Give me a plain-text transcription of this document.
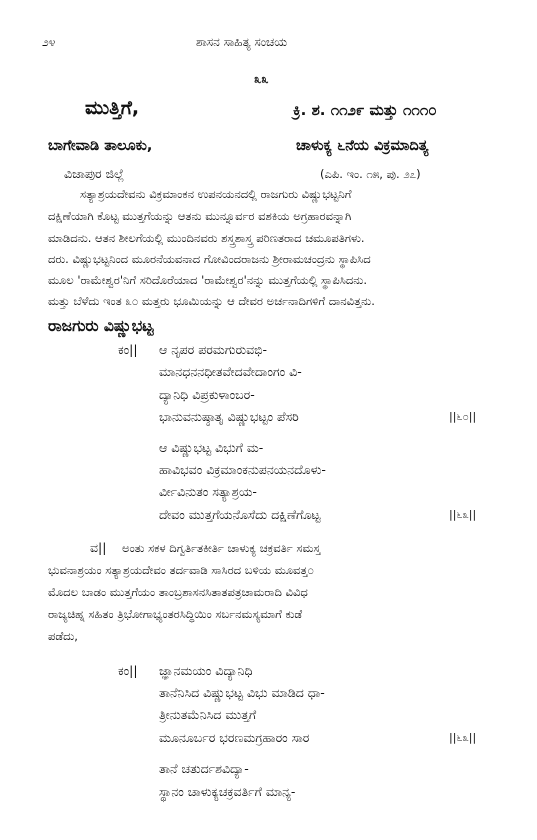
೨೪	ಶಾಸನ ಸಾಹಿತ್ಯ ಸಂಚಯ
೩೩
ಮುತ್ತಿಗೆ,	ಕ್ರಿ. ಶ. ೧೧೨೯ ಮತ್ತು ೧೧೧೦
ಬಾಗೇವಾಡಿ ತಾಲೂಕು,	ಚಾಳುಕ್ಯ ೬ನೆಯ ವಿಕ್ರಮಾದಿತ್ಯ
ವಿಜಾಪುರ ಜಿಲ್ಲೆ	(ಎಪಿ. ಇಂ. ೧೫, ಪು. ೨೭)
ಸತ್ಯಾಶ್ರಯದೇವನು ವಿಕ್ರಮಾಂಕನ ಉಪನಯನದಲ್ಲಿ ರಾಜಗುರು ವಿಷ್ಣುಭಟ್ಟನಿಗೆ
ದಕ್ಷಿಣೆಯಾಗಿ ಕೊಟ್ಟ ಮುತ್ತಗೆಯನ್ನು ಆತನು ಮುನ್ನೂರ್ವರ ವಶಕಿಯ ಅಗ್ರಹಾರವನ್ನಾಗಿ
ಮಾಡಿದನು. ಆತನ ಶೀಲಗೆಯಲ್ಲಿ ಮುಂದಿನವರು ಶಸ್ತ್ರಶಾಸ್ತ್ರ ಪರಿಣತರಾದ ಚಮೂಪತಿಗಳು.
ದರು. ವಿಷ್ಣುಭಟ್ಟನಿಂದ ಮೂರನೆಯವನಾದ ಗೋವಿಂದರಾಜನು ಶ್ರೀರಾಮಚಂದ್ರನು ಸ್ಥಾಪಿಸಿದ
ಮೂಲ 'ರಾಮೇಶ್ವರ'ನಿಗೆ ಸರಿದೊರೆಯಾದ 'ರಾಮೇಶ್ವರ'ನನ್ನು ಮುತ್ತಗೆಯಲ್ಲಿ ಸ್ಥಾಪಿಸಿದನು.
ಮತ್ತು ಬೆಳೆದು ಇಂತ ೩೦ ಮತ್ತರು ಭೂಮಿಯನ್ನು ಆ ದೇವರ ಅರ್ಚನಾದಿಗಳಿಗೆ ದಾನವಿತ್ತನು.
ರಾಜಗುರು ವಿಷ್ಣುಭಟ್ಟ
ಕಂ|| ಆ ನೃಪರ ಪರಮಗುರುವಭಿ-
ಮಾನಧನನಧೀತವೇದವೇದಾಂಗಂ ವಿ-
ದ್ಯಾನಿಧಿ ವಿಪ್ರಕುಳಾಂಬರ-
ಭಾನುವನುಷ್ಠಾತೃ ವಿಷ್ಣುಭಟ್ಟಂ ಪೆಸರಿ	||೬೦||
ಆ ವಿಷ್ಣುಭಟ್ಟ ವಿಭುಗೆ ಮ-
ಹಾವಿಭವಂ ವಿಕ್ರಮಾಂಕನುಪನಯನದೊಳು-
ರ್ವೀವಿನುತಂ ಸತ್ಯಾಶ್ರಯ-
ದೇವಂ ಮುತ್ತಗೆಯನೊಸೆದು ದಕ್ಷಿಣೆಗೊಟ್ಟ	||೬೩||
ವ|| ಅಂತು ಸಕಳ ದಿಗ್ವರ್ತಿತಕೀರ್ತಿ ಚಾಳುಕ್ಯ ಚಕ್ರವರ್ತಿ ಸಮಸ್ತ
ಭುವನಾಶ್ರಯಂ ಸತ್ಯಾಶ್ರಯದೇವಂ ತರ್ದವಾಡಿ ಸಾಸಿರದ ಬಳಿಯ ಮೂವತ್ತ೦
ಮೊದಲ ಬಾಡಂ ಮುತ್ತಗೆಯಂ ತಾಂಬ್ರಶಾಸನಸಿತಾತಪತ್ರಚಾಮರಾದಿ ವಿವಿಧ
ರಾಜ್ಯಚಿಹ್ನ ಸಹಿತಂ ತ್ರಿಭೋಗಾಭ್ಯಂತರಸಿದ್ಧಿಯಿಂ ಸರ್ಬನಮಸ್ಯಮಾಗೆ ಕುಡೆ
ಪಡೆದು,
ಕಂ|| ಜ್ಞಾನಮಯಂ ವಿದ್ಯಾನಿಧಿ
ತಾನೆನಿಸಿದ ವಿಷ್ಣುಭಟ್ಟ ವಿಭು ಮಾಡಿದ ಧಾ-
ತ್ರೀನುತಮೆನಿಸಿದ ಮುತ್ತಗೆ
ಮೂನೂರ್ಬರ ಭರಣಮಗ್ರಹಾರಂ ಸಾರ	||೬೩||
ತಾನೆ ಚತುರ್ದಶವಿದ್ಯಾ-
ಸ್ಥಾನಂ ಚಾಳುಕ್ಯಚಕ್ರವರ್ತಿಗೆ ಮಾನ್ಯ-
